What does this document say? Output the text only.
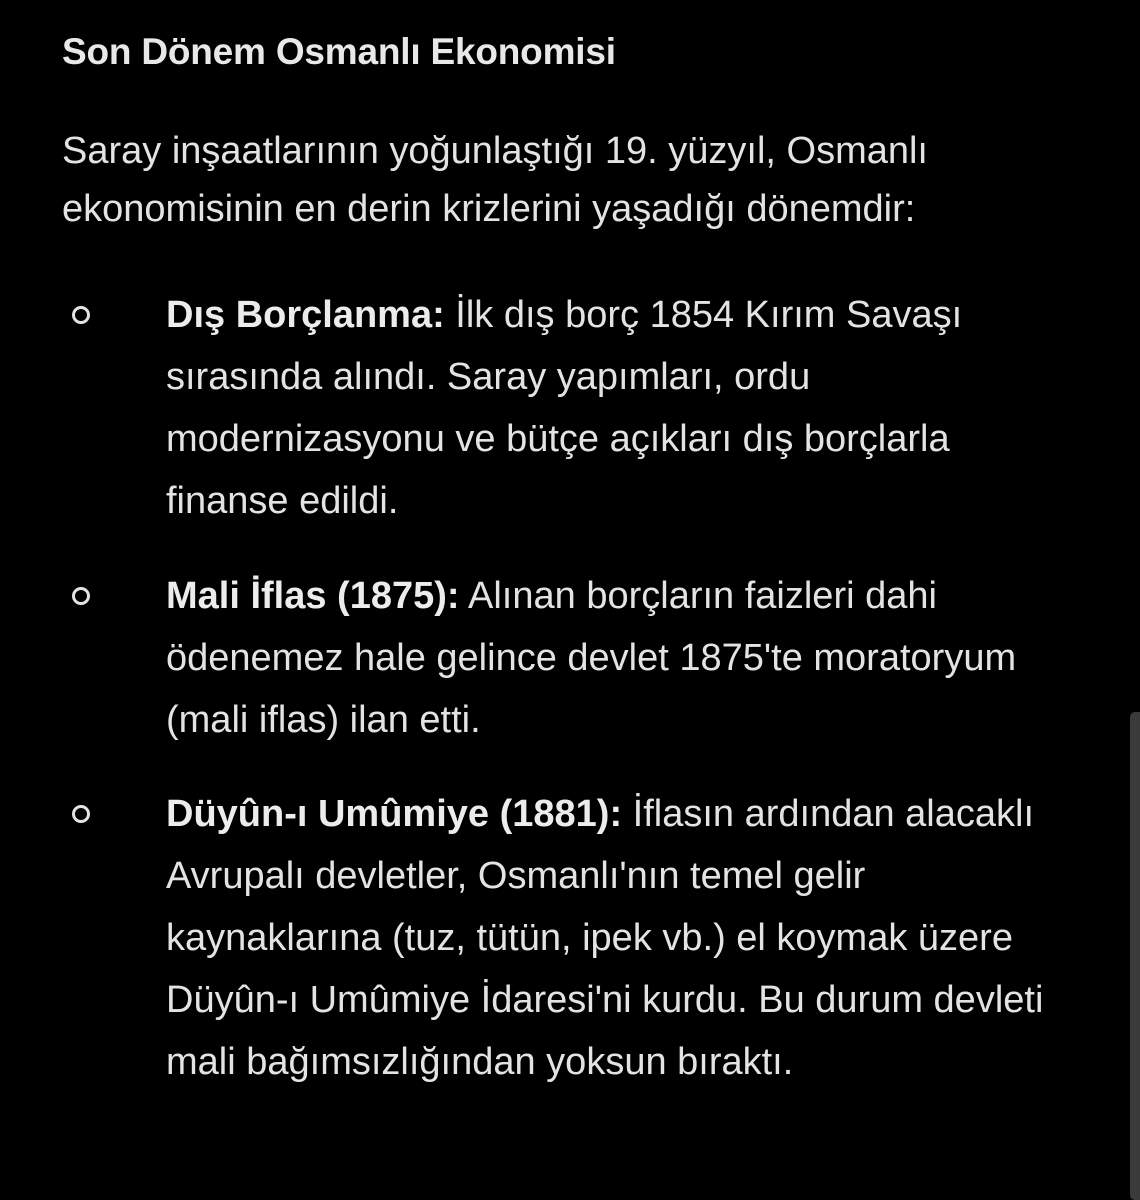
Son Dönem Osmanlı Ekonomisi

Saray inşaatlarının yoğunlaştığı 19. yüzyıl, Osmanlı ekonomisinin en derin krizlerini yaşadığı dönemdir:

Dış Borçlanma: İlk dış borç 1854 Kırım Savaşı sırasında alındı. Saray yapımları, ordu modernizasyonu ve bütçe açıkları dış borçlarla finanse edildi.
Mali İflas (1875): Alınan borçların faizleri dahi ödenemez hale gelince devlet 1875'te moratoryum (mali iflas) ilan etti.
Düyûn-ı Umûmiye (1881): İflasın ardından alacaklı Avrupalı devletler, Osmanlı'nın temel gelir kaynaklarına (tuz, tütün, ipek vb.) el koymak üzere Düyûn-ı Umûmiye İdaresi'ni kurdu. Bu durum devleti mali bağımsızlığından yoksun bıraktı.
